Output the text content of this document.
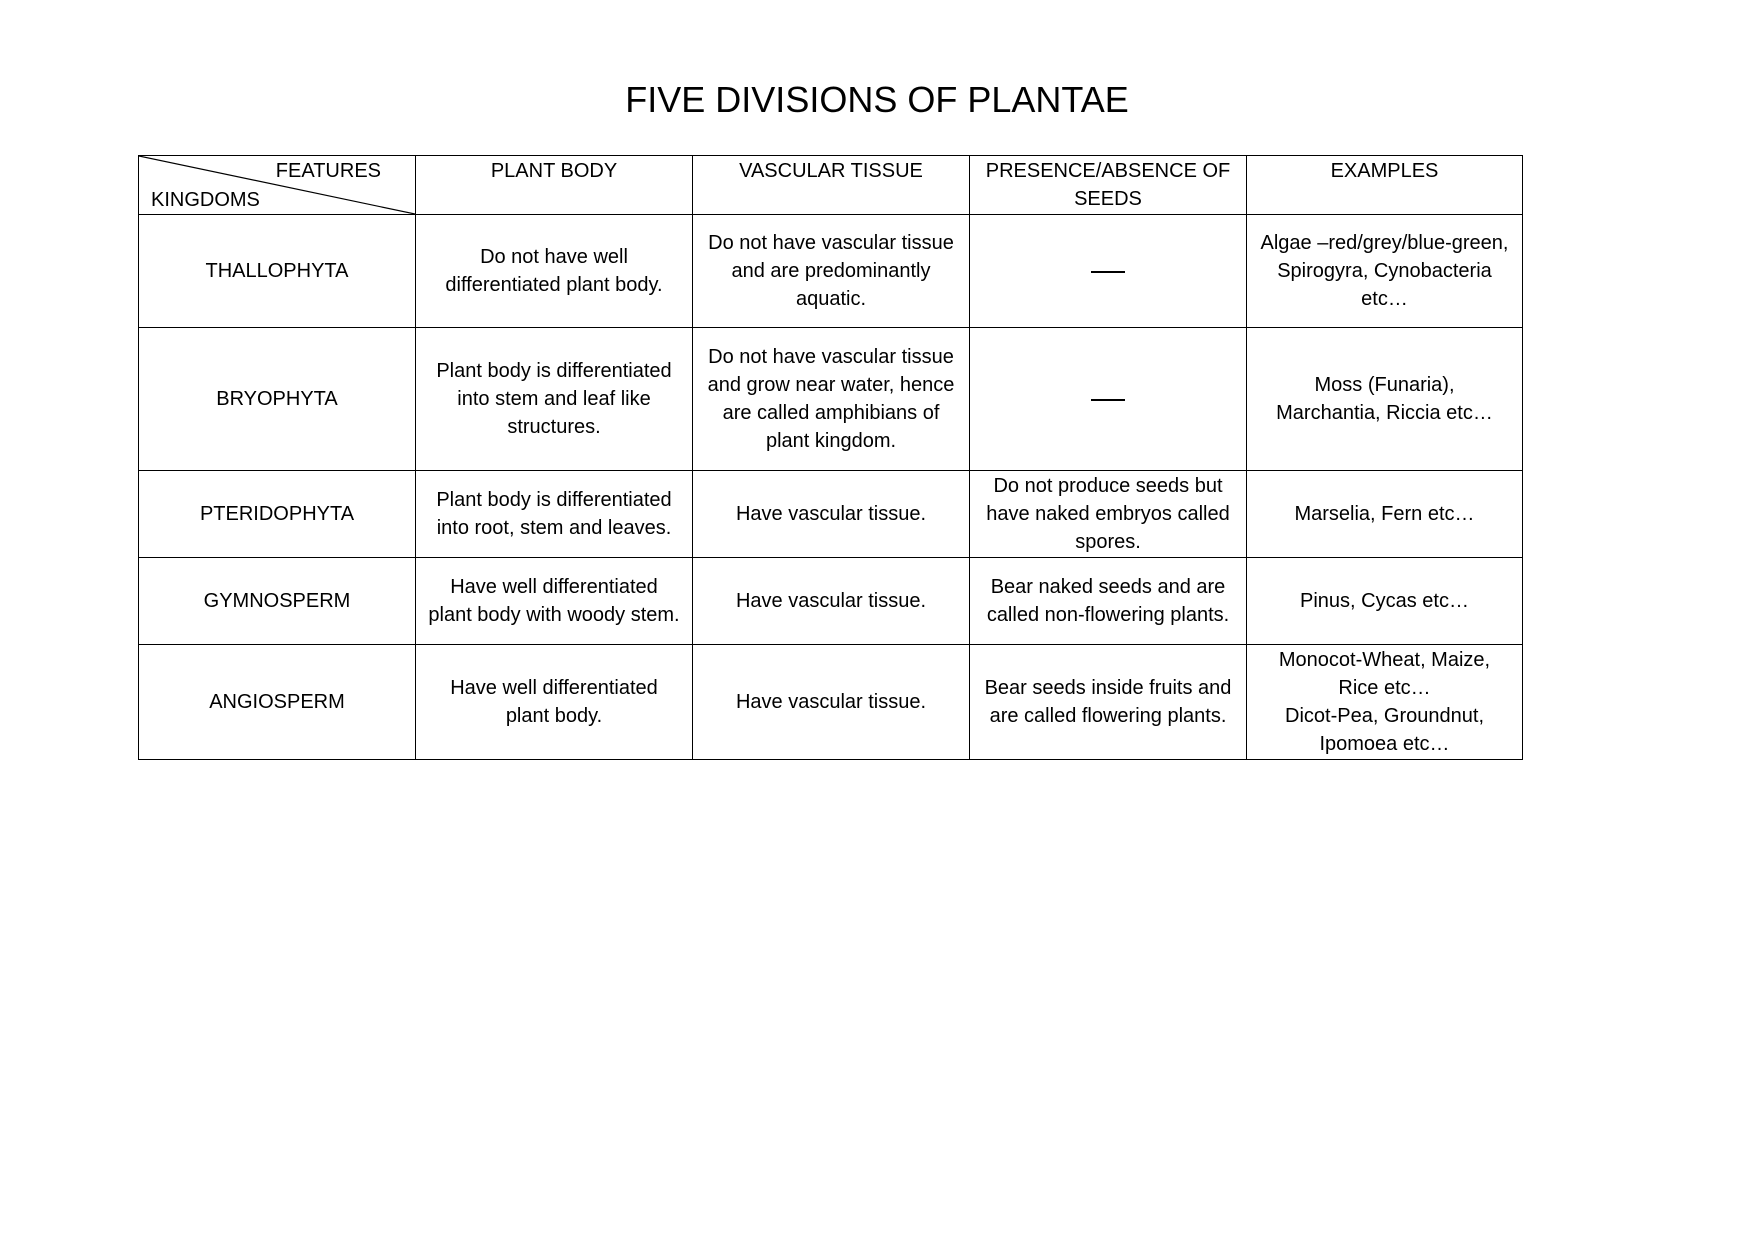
FIVE DIVISIONS OF PLANTAE
FEATURES
KINGDOMS	PLANT BODY	VASCULAR TISSUE	PRESENCE/ABSENCE OF SEEDS	EXAMPLES
THALLOPHYTA	Do not have well differentiated plant body.	Do not have vascular tissue and are predominantly aquatic.		Algae –red/grey/blue-green,
Spirogyra, Cynobacteria etc…

BRYOPHYTA	Plant body is differentiated into stem and leaf like structures.	Do not have vascular tissue and grow near water, hence are called amphibians of plant kingdom.		Moss (Funaria),
Marchantia, Riccia etc…

PTERIDOPHYTA	Plant body is differentiated into root, stem and leaves.	Have vascular tissue.	Do not produce seeds but have naked embryos called spores.	Marselia, Fern etc…

GYMNOSPERM	Have well differentiated plant body with woody stem.	Have vascular tissue.	Bear naked seeds and are called non-flowering plants.	Pinus, Cycas etc…

ANGIOSPERM	Have well differentiated plant body.	Have vascular tissue.	Bear seeds inside fruits and are called flowering plants.	Monocot-Wheat, Maize, Rice etc…
Dicot-Pea, Groundnut, Ipomoea etc…
